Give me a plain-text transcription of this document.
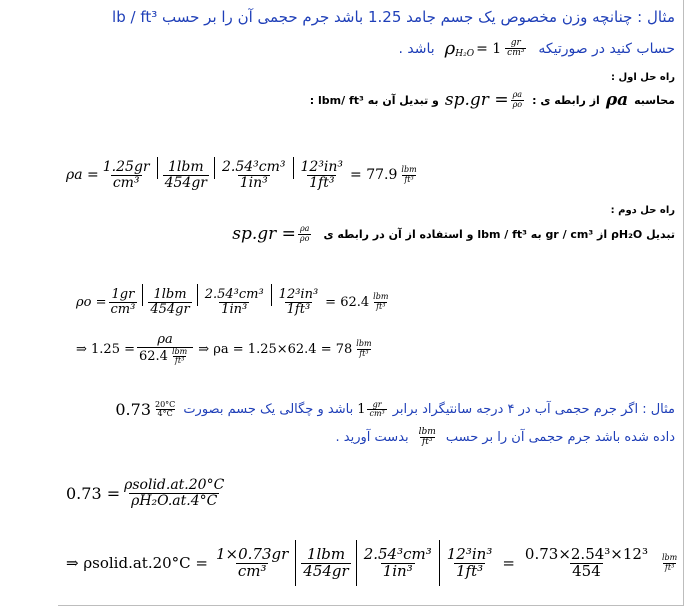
مثال : چنانچه وزن مخصوص یک جسم جامد 1.25 باشد جرم حجمی آن را بر حسب lb / ft³
حساب کنید در صورتیکه
ρ $H_2O = 1 \frac{gr}{\text{cm³}}$
باشد .
راه حل اول :
محاسبه
ρa
از رابطه ی :
$sp.gr = \frac{\rho a}{\rho o}$
و تبدیل آن به lbm/ ft³ :
$\rho a = \frac{1.25gr}{\text{cm³}} \frac{\text{1lbm}}{454gr} \frac{\text{2.54³cm³}}{\text{1in³}} \frac{\text{12³in³}}{\text{1ft³}} = 77.9 \frac{\text{lbm}}{\text{ft³}}$
راه حل دوم :
تبدیل ρH₂O از gr / cm³ به lbm / ft³ و استفاده از آن در رابطه ی
$sp.gr = \frac{\rho a}{\rho o}$
$\rho o = \frac{1gr}{\text{cm³}} \frac{\text{1lbm}}{454gr} \frac{\text{2.54³cm³}}{\text{1in³}} \frac{\text{12³in³}}{\text{1ft³}} = 62.4 \frac{\text{lbm}}{\text{ft³}}$
⇒ $1.25 = \frac{\rho a}{62.4 \frac{\text{lbm}}{\text{ft³}}}$ ⇒ $\rho a = 1.25\times 62.4 = 78 \frac{\text{lbm}}{\text{ft³}}$
مثال : اگر جرم حجمی آب در ۴ درجه سانتیگراد برابر
$1 \frac{gr}{\text{cm³}}$
باشد و چگالی یک جسم بصورت
$0.73 \frac{20^\circ C}{4^\circ C}$
داده شده باشد جرم حجمی آن را بر حسب
$\frac{\text{lbm}}{\text{ft³}}$
بدست آورید .
$0.73 = \frac{\text{ρsolid.at.20°C}}{\text{ρH₂O.at.4°C}}$
⇒ ρsolid.at.20°C = $\frac{1\times 0.73gr}{\text{cm³}} \frac{\text{1lbm}}{454gr} \frac{\text{2.54³cm³}}{\text{1in³}} \frac{\text{12³in³}}{\text{1ft³}} = \frac{\text{0.73×2.54³×12³}}{454} \frac{\text{lbm}}{\text{ft³}}$
